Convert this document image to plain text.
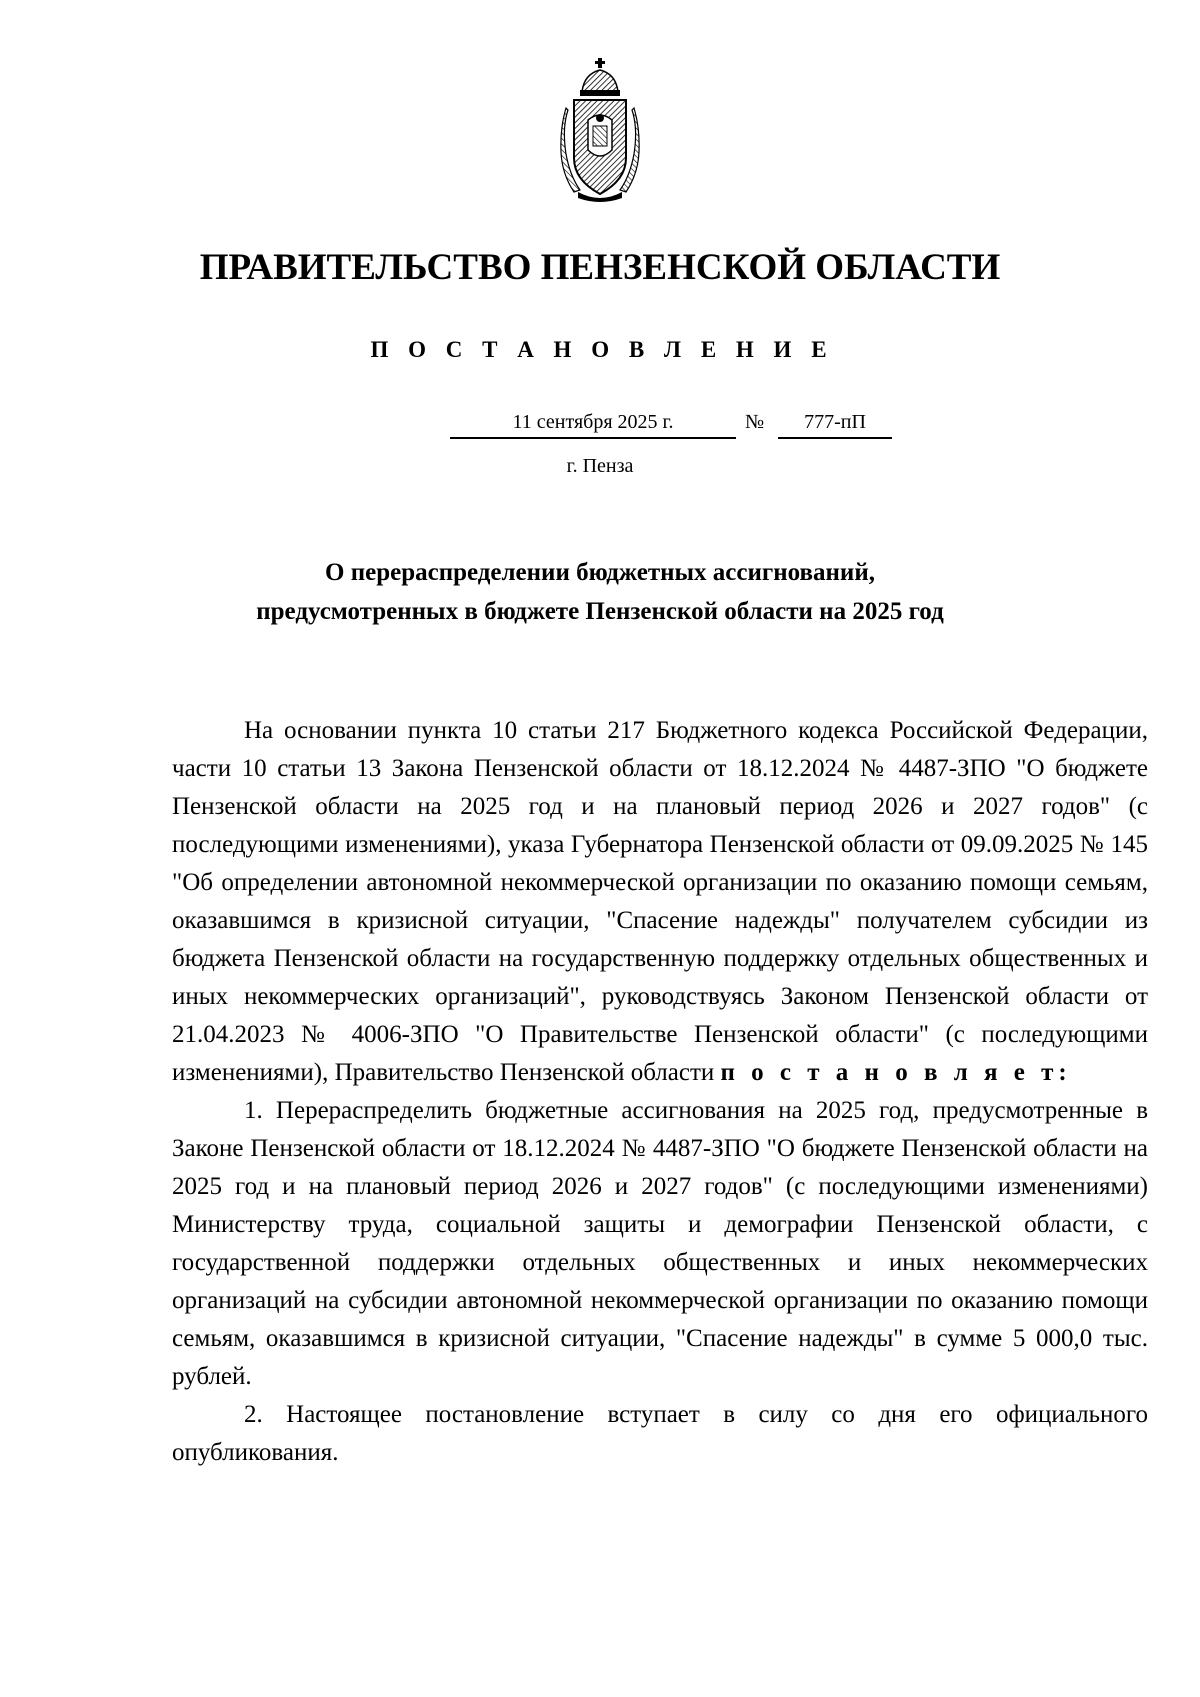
ПРАВИТЕЛЬСТВО ПЕНЗЕНСКОЙ ОБЛАСТИ
П О С Т А Н О В Л Е Н И Е
11 сентября 2025 г.	№	777-пП
г. Пенза
О перераспределении бюджетных ассигнований,
предусмотренных в бюджете Пензенской области на 2025 год

На основании пункта 10 статьи 217 Бюджетного кодекса Российской Федерации, части 10 статьи 13 Закона Пензенской области от 18.12.2024 № 4487-ЗПО "О бюджете Пензенской области на 2025 год и на плановый период 2026 и 2027 годов" (с последующими изменениями), указа Губернатора Пензенской области от 09.09.2025 № 145 "Об определении автономной некоммерческой организации по оказанию помощи семьям, оказавшимся в кризисной ситуации, "Спасение надежды" получателем субсидии из бюджета Пензенской области на государственную поддержку отдельных общественных и иных некоммерческих организаций", руководствуясь Законом Пензенской области от 21.04.2023 № 4006-ЗПО "О Правительстве Пензенской области" (с последующими изменениями), Правительство Пензенской области п о с т а н о в л я е т:

1. Перераспределить бюджетные ассигнования на 2025 год, предусмотренные в Законе Пензенской области от 18.12.2024 № 4487-ЗПО "О бюджете Пензенской области на 2025 год и на плановый период 2026 и 2027 годов" (с последующими изменениями) Министерству труда, социальной защиты и демографии Пензенской области, с государственной поддержки отдельных общественных и иных некоммерческих организаций на субсидии автономной некоммерческой организации по оказанию помощи семьям, оказавшимся в кризисной ситуации, "Спасение надежды" в сумме 5 000,0 тыс. рублей.

2. Настоящее постановление вступает в силу со дня его официального опубликования.
